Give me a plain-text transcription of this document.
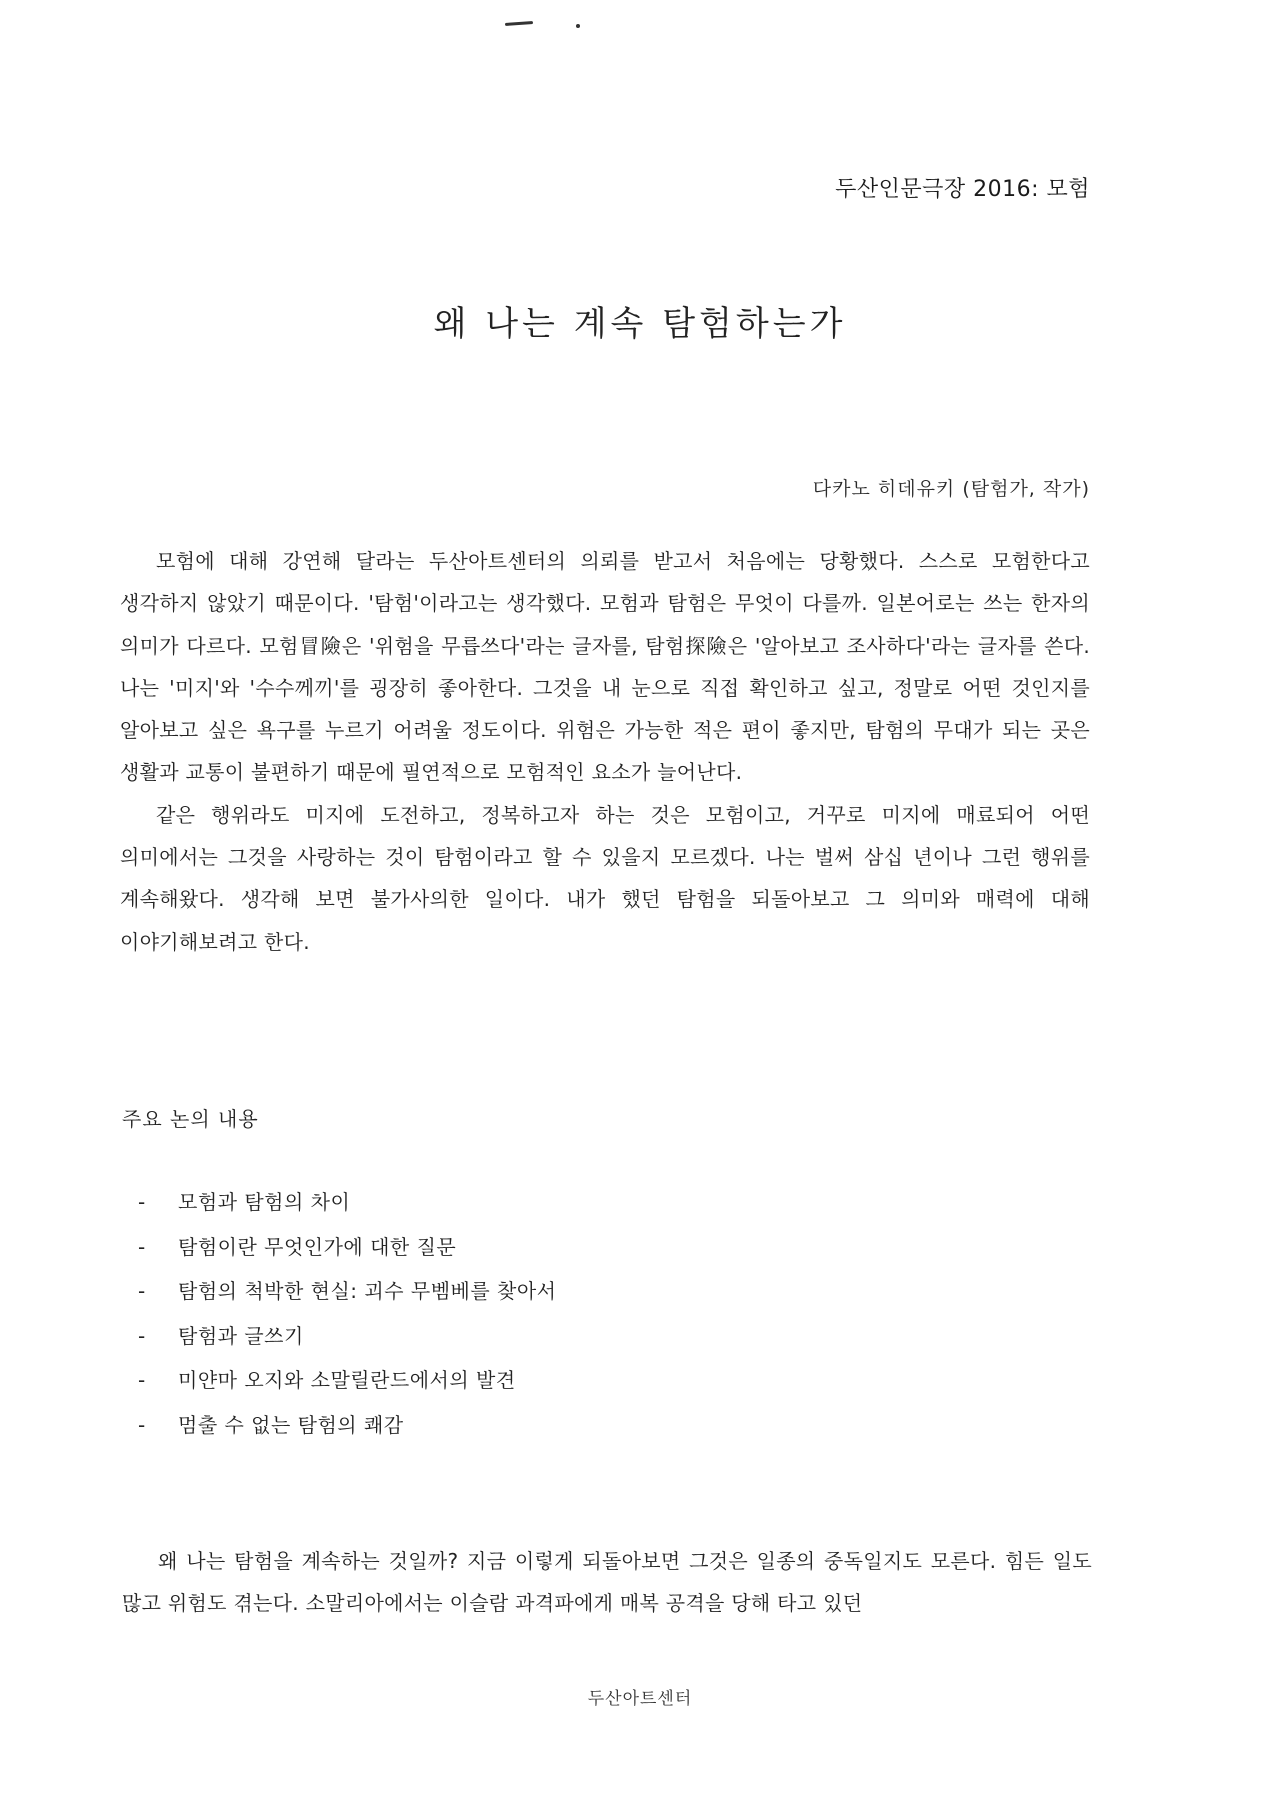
두산인문극장 2016: 모험
왜 나는 계속 탐험하는가
다카노 히데유키 (탐험가, 작가)

모험에 대해 강연해 달라는 두산아트센터의 의뢰를 받고서 처음에는 당황했다. 스스로 모험한다고 생각하지 않았기 때문이다. '탐험'이라고는 생각했다. 모험과 탐험은 무엇이 다를까. 일본어로는 쓰는 한자의 의미가 다르다. 모험冒險은 '위험을 무릅쓰다'라는 글자를, 탐험探險은 '알아보고 조사하다'라는 글자를 쓴다. 나는 '미지'와 '수수께끼'를 굉장히 좋아한다. 그것을 내 눈으로 직접 확인하고 싶고, 정말로 어떤 것인지를 알아보고 싶은 욕구를 누르기 어려울 정도이다. 위험은 가능한 적은 편이 좋지만, 탐험의 무대가 되는 곳은 생활과 교통이 불편하기 때문에 필연적으로 모험적인 요소가 늘어난다.

같은 행위라도 미지에 도전하고, 정복하고자 하는 것은 모험이고, 거꾸로 미지에 매료되어 어떤 의미에서는 그것을 사랑하는 것이 탐험이라고 할 수 있을지 모르겠다. 나는 벌써 삼십 년이나 그런 행위를 계속해왔다. 생각해 보면 불가사의한 일이다. 내가 했던 탐험을 되돌아보고 그 의미와 매력에 대해 이야기해보려고 한다.

주요 논의 내용
-	모험과 탐험의 차이
-	탐험이란 무엇인가에 대한 질문
-	탐험의 척박한 현실: 괴수 무벰베를 찾아서
-	탐험과 글쓰기
-	미얀마 오지와 소말릴란드에서의 발견
-	멈출 수 없는 탐험의 쾌감

왜 나는 탐험을 계속하는 것일까? 지금 이렇게 되돌아보면 그것은 일종의 중독일지도 모른다. 힘든 일도 많고 위험도 겪는다. 소말리아에서는 이슬람 과격파에게 매복 공격을 당해 타고 있던

두산아트센터
